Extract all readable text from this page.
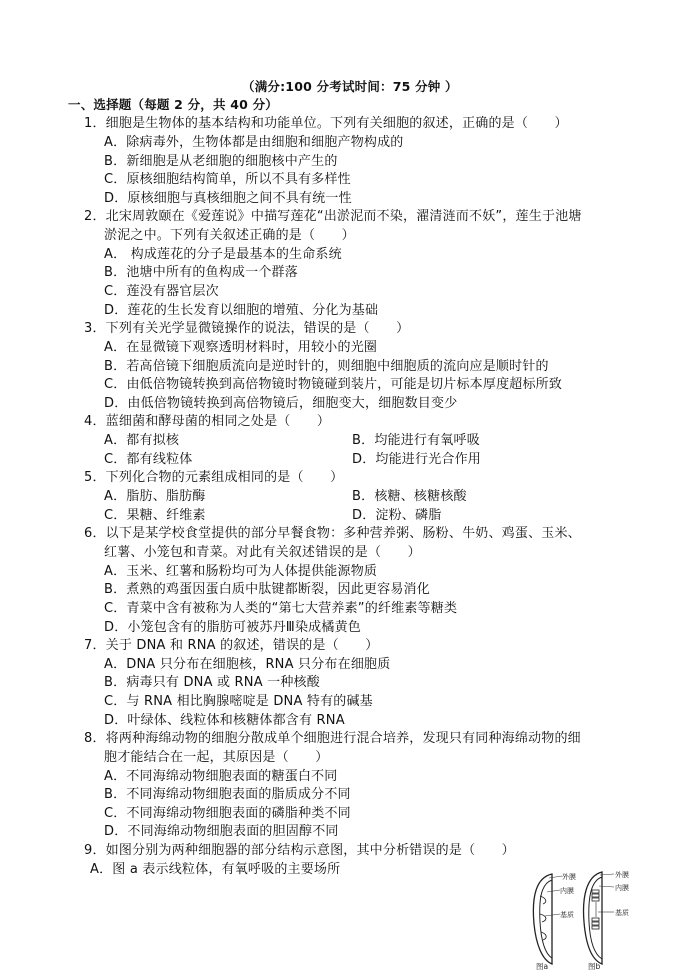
（满分:100 分考试时间：75 分钟 ）
一、选择题（每题 2 分，共 40 分）
1．细胞是生物体的基本结构和功能单位。下列有关细胞的叙述，正确的是（　　）
A．除病毒外，生物体都是由细胞和细胞产物构成的
B．新细胞是从老细胞的细胞核中产生的
C．原核细胞结构简单，所以不具有多样性
D．原核细胞与真核细胞之间不具有统一性
2．北宋周敦颐在《爱莲说》中描写莲花“出淤泥而不染，濯清涟而不妖”，莲生于池塘
淤泥之中。下列有关叙述正确的是（　　）
A． 构成莲花的分子是最基本的生命系统
B．池塘中所有的鱼构成一个群落
C．莲没有器官层次
D．莲花的生长发育以细胞的增殖、分化为基础
3．下列有关光学显微镜操作的说法，错误的是（　　）
A．在显微镜下观察透明材料时，用较小的光圈
B．若高倍镜下细胞质流向是逆时针的，则细胞中细胞质的流向应是顺时针的
C．由低倍物镜转换到高倍物镜时物镜碰到装片，可能是切片标本厚度超标所致
D．由低倍物镜转换到高倍物镜后，细胞变大，细胞数目变少
4．蓝细菌和酵母菌的相同之处是（　　）
A．都有拟核	B．均能进行有氧呼吸
C．都有线粒体	D．均能进行光合作用
5．下列化合物的元素组成相同的是（　　）
A．脂肪、脂肪酶	B．核糖、核糖核酸
C．果糖、纤维素	D．淀粉、磷脂
6．以下是某学校食堂提供的部分早餐食物：多种营养粥、肠粉、牛奶、鸡蛋、玉米、
红薯、小笼包和青菜。对此有关叙述错误的是（　　）
A．玉米、红薯和肠粉均可为人体提供能源物质
B．煮熟的鸡蛋因蛋白质中肽键都断裂，因此更容易消化
C．青菜中含有被称为人类的“第七大营养素”的纤维素等糖类
D．小笼包含有的脂肪可被苏丹Ⅲ染成橘黄色
7．关于 DNA 和 RNA 的叙述，错误的是（　　）
A．DNA 只分布在细胞核，RNA 只分布在细胞质
B．病毒只有 DNA 或 RNA 一种核酸
C．与 RNA 相比胸腺嘧啶是 DNA 特有的碱基
D．叶绿体、线粒体和核糖体都含有 RNA
8．将两种海绵动物的细胞分散成单个细胞进行混合培养，发现只有同种海绵动物的细
胞才能结合在一起，其原因是（　　）
A．不同海绵动物细胞表面的糖蛋白不同
B．不同海绵动物细胞表面的脂质成分不同
C．不同海绵动物细胞表面的磷脂种类不同
D．不同海绵动物细胞表面的胆固醇不同
9．如图分别为两种细胞器的部分结构示意图，其中分析错误的是（　　）
A．图 a 表示线粒体，有氧呼吸的主要场所	外膜
内膜
基质
图a
外膜
内膜
基质
图b
